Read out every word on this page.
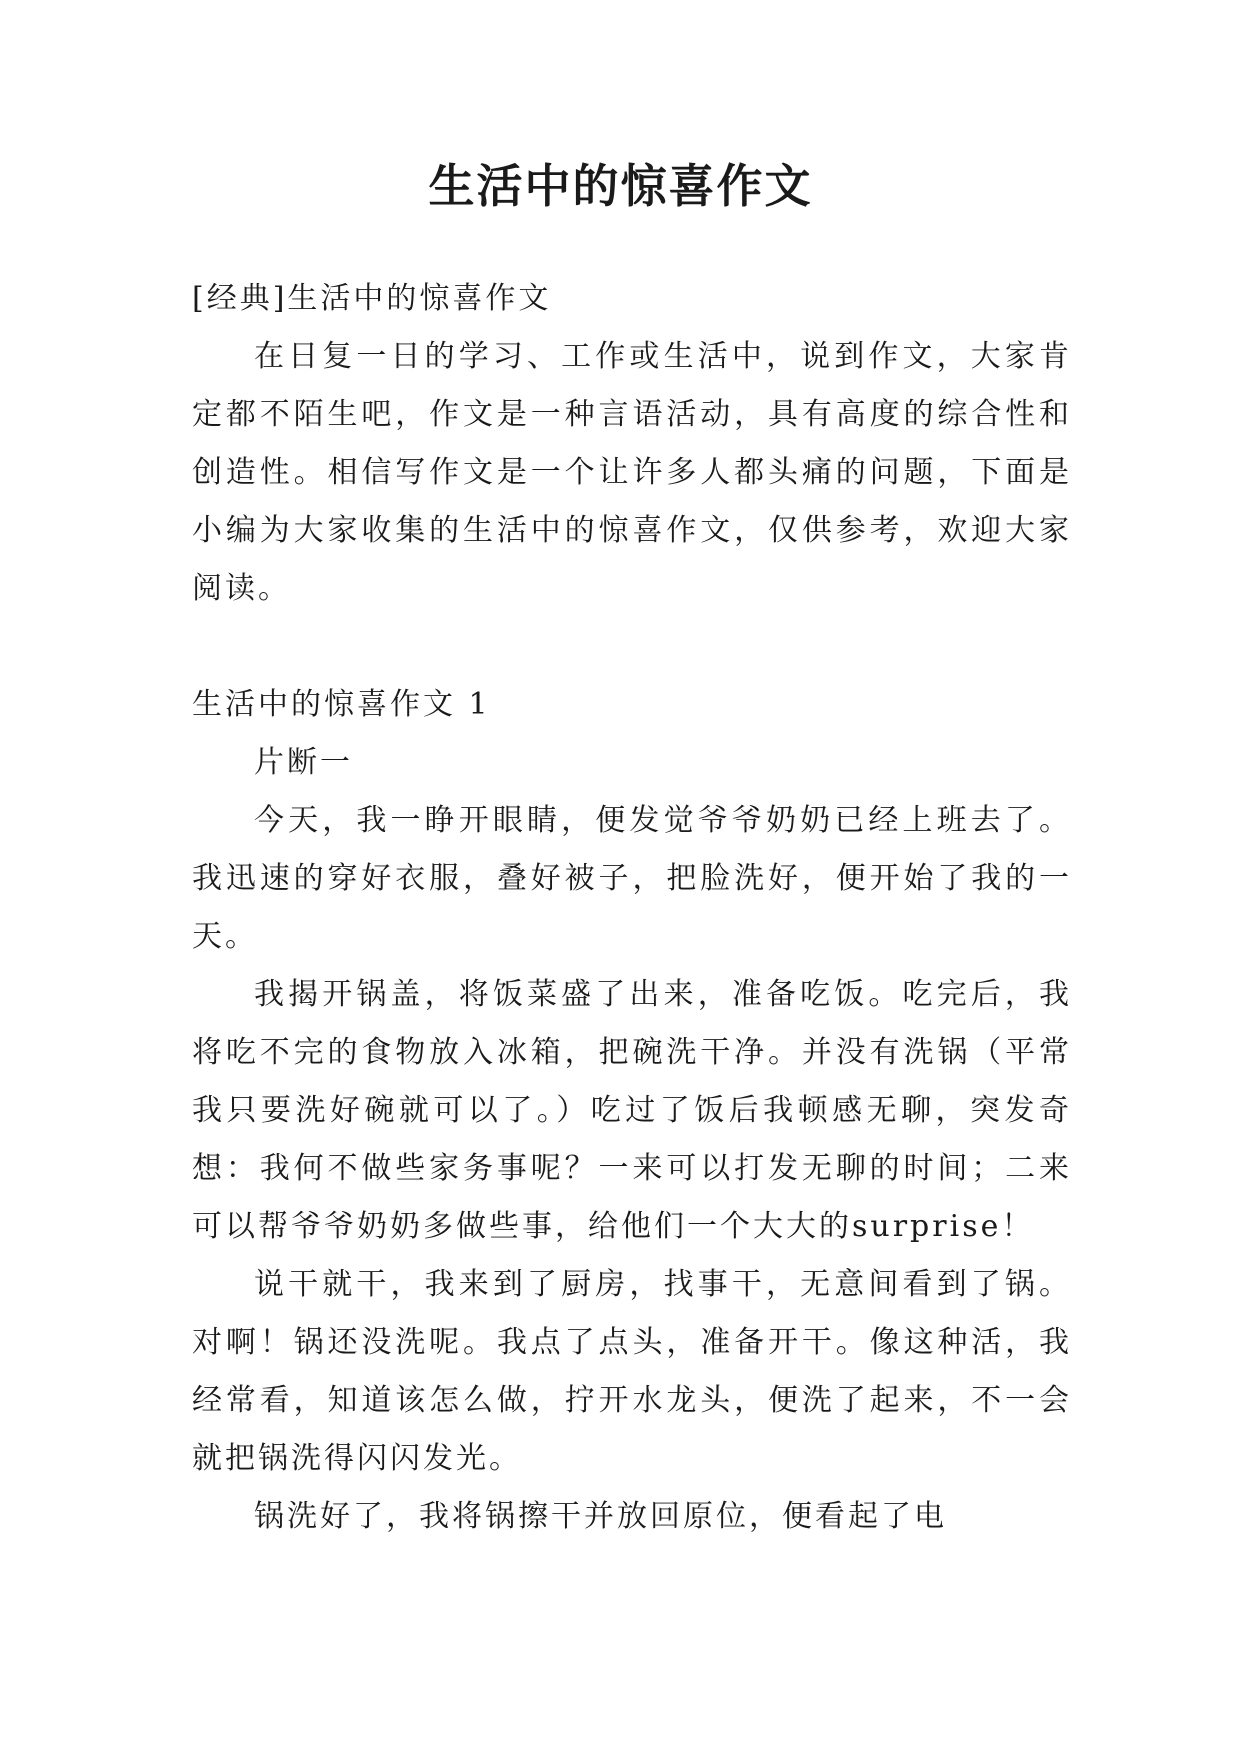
生活中的惊喜作文

[经典]生活中的惊喜作文

在日复一日的学习、工作或生活中，说到作文，大家肯定都不陌生吧，作文是一种言语活动，具有高度的综合性和创造性。相信写作文是一个让许多人都头痛的问题，下面是小编为大家收集的生活中的惊喜作文，仅供参考，欢迎大家阅读。

生活中的惊喜作文 1

片断一

今天，我一睁开眼睛，便发觉爷爷奶奶已经上班去了。我迅速的穿好衣服，叠好被子，把脸洗好，便开始了我的一天。

我揭开锅盖，将饭菜盛了出来，准备吃饭。吃完后，我将吃不完的食物放入冰箱，把碗洗干净。并没有洗锅（平常我只要洗好碗就可以了。）吃过了饭后我顿感无聊，突发奇想：我何不做些家务事呢？一来可以打发无聊的时间；二来可以帮爷爷奶奶多做些事，给他们一个大大的surprise！

说干就干，我来到了厨房，找事干，无意间看到了锅。对啊！锅还没洗呢。我点了点头，准备开干。像这种活，我经常看，知道该怎么做，拧开水龙头，便洗了起来，不一会就把锅洗得闪闪发光。

锅洗好了，我将锅擦干并放回原位，便看起了电
